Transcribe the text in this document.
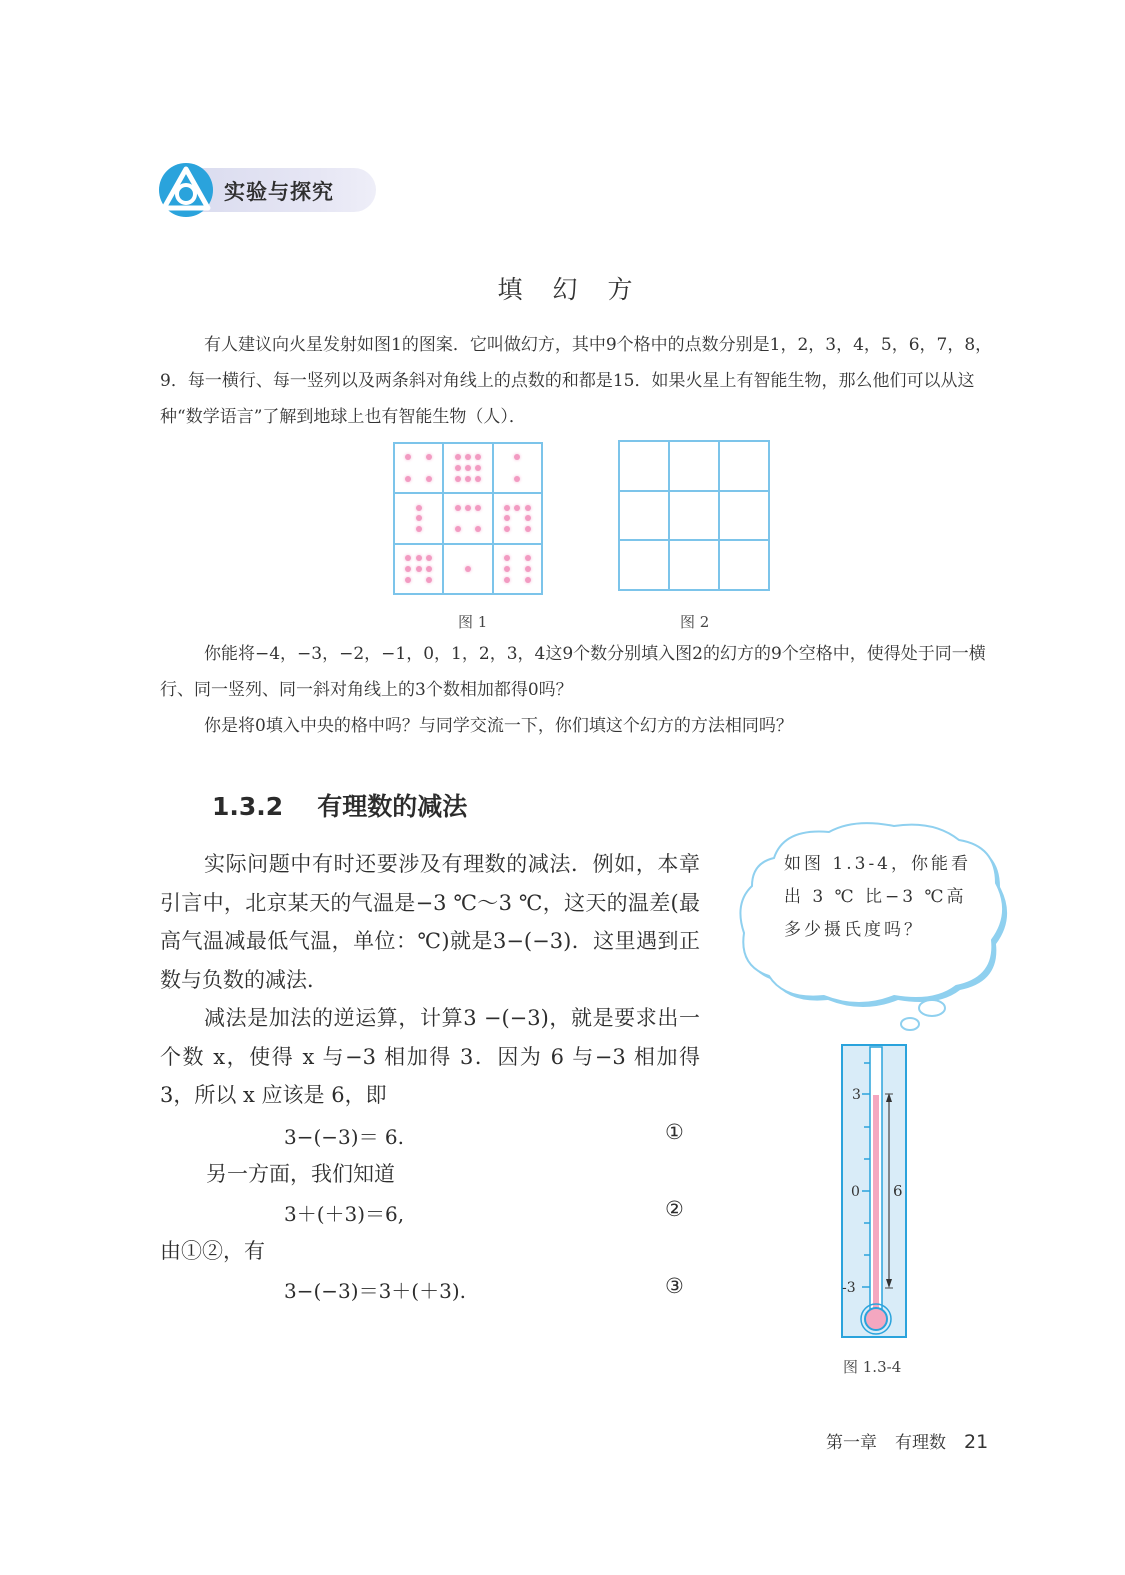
实验与探究
填幻方
有人建议向火星发射如图1的图案．它叫做幻方，其中9个格中的点数分别是1，2，3，4，5，6，7，8，9．每一横行、每一竖列以及两条斜对角线上的点数的和都是15．如果火星上有智能生物，那么他们可以从这种“数学语言”了解到地球上也有智能生物（人）．
图 1	图 2
你能将−4，−3，−2，−1，0，1，2，3，4这9个数分别填入图2的幻方的9个空格中，使得处于同一横行、同一竖列、同一斜对角线上的3个数相加都得0吗？
你是将0填入中央的格中吗？与同学交流一下，你们填这个幻方的方法相同吗？
1.3.2 有理数的减法
实际问题中有时还要涉及有理数的减法．例如，本章引言中，北京某天的气温是−3 ℃～3 ℃，这天的温差(最高气温减最低气温，单位：℃)就是3−(−3)．这里遇到正数与负数的减法．
减法是加法的逆运算，计算3 −(−3)，就是要求出一个数 x，使得 x 与−3 相加得 3．因为 6 与−3 相加得 3，所以 x 应该是 6，即
3−(−3)＝ 6.	①
另一方面，我们知道
3＋(＋3)＝6,	②
由①②，有
3−(−3)＝3＋(＋3).	③
如图 1.3-4，你能看出 3 ℃ 比−3 ℃高多少摄氏度吗？
3
0
-3
6
图 1.3-4
第一章 有理数 21
